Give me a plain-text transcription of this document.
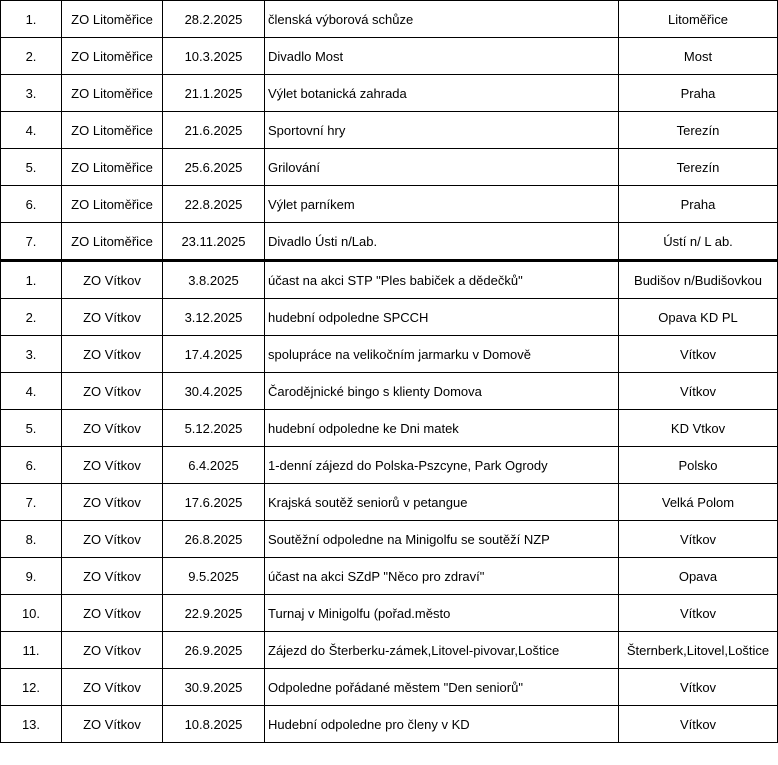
1.	ZO Litoměřice	28.2.2025	členská výborová schůze	Litoměřice
2.	ZO Litoměřice	10.3.2025	Divadlo Most	Most
3.	ZO Litoměřice	21.1.2025	Výlet botanická zahrada	Praha
4.	ZO Litoměřice	21.6.2025	Sportovní hry	Terezín
5.	ZO Litoměřice	25.6.2025	Grilování	Terezín
6.	ZO Litoměřice	22.8.2025	Výlet parníkem	Praha
7.	ZO Litoměřice	23.11.2025	Divadlo Ústi n/Lab.	Ústí n/ L ab.
1.	ZO Vítkov	3.8.2025	účast na akci STP "Ples babiček a dědečků"	Budišov n/Budišovkou
2.	ZO Vítkov	3.12.2025	hudební odpoledne SPCCH	Opava KD PL
3.	ZO Vítkov	17.4.2025	spolupráce na velikočním jarmarku v Domově	Vítkov
4.	ZO Vítkov	30.4.2025	Čarodějnické bingo s klienty Domova	Vítkov
5.	ZO Vítkov	5.12.2025	hudební odpoledne ke Dni matek	KD Vtkov
6.	ZO Vítkov	6.4.2025	1-denní zájezd do Polska-Pszcyne, Park Ogrody	Polsko
7.	ZO Vítkov	17.6.2025	Krajská soutěž seniorů v petangue	Velká Polom
8.	ZO Vítkov	26.8.2025	Soutěžní odpoledne na Minigolfu se soutěží NZP	Vítkov
9.	ZO Vítkov	9.5.2025	účast na akci SZdP "Něco pro zdraví"	Opava
10.	ZO Vítkov	22.9.2025	Turnaj v Minigolfu (pořad.město	Vítkov
11.	ZO Vítkov	26.9.2025	Zájezd do Šterberku-zámek,Litovel-pivovar,Loštice	Šternberk,Litovel,Loštice
12.	ZO Vítkov	30.9.2025	Odpoledne pořádané městem "Den seniorů"	Vítkov
13.	ZO Vítkov	10.8.2025	Hudební odpoledne pro členy v KD	Vítkov
